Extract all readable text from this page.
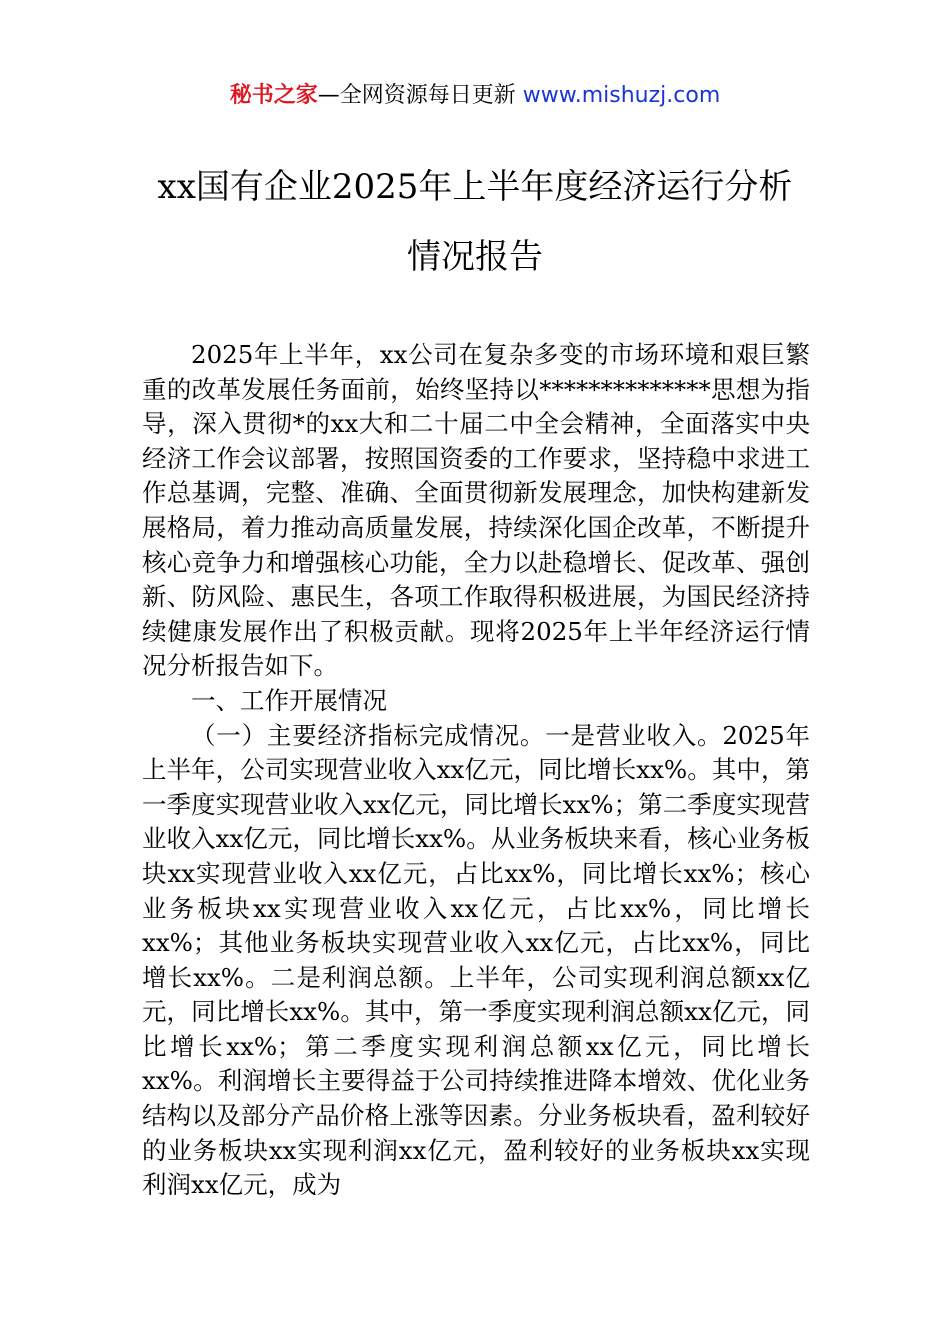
秘书之家—全网资源每日更新 www.mishuzj.com
xx国有企业2025年上半年度经济运行分析
情况报告

2025年上半年，xx公司在复杂多变的市场环境和艰巨繁重的改革发展任务面前，始终坚持以**************思想为指导，深入贯彻*的xx大和二十届二中全会精神，全面落实中央经济工作会议部署，按照国资委的工作要求，坚持稳中求进工作总基调，完整、准确、全面贯彻新发展理念，加快构建新发展格局，着力推动高质量发展，持续深化国企改革，不断提升核心竞争力和增强核心功能，全力以赴稳增长、促改革、强创新、防风险、惠民生，各项工作取得积极进展，为国民经济持续健康发展作出了积极贡献。现将2025年上半年经济运行情况分析报告如下。

一、工作开展情况

（一）主要经济指标完成情况。一是营业收入。2025年上半年，公司实现营业收入xx亿元，同比增长xx%。其中，第一季度实现营业收入xx亿元，同比增长xx%；第二季度实现营业收入xx亿元，同比增长xx%。从业务板块来看，核心业务板块xx实现营业收入xx亿元，占比xx%，同比增长xx%；核心业务板块xx实现营业收入xx亿元，占比xx%，同比增长xx%；其他业务板块实现营业收入xx亿元，占比xx%，同比增长xx%。二是利润总额。上半年，公司实现利润总额xx亿元，同比增长xx%。其中，第一季度实现利润总额xx亿元，同比增长xx%；第二季度实现利润总额xx亿元，同比增长xx%。利润增长主要得益于公司持续推进降本增效、优化业务结构以及部分产品价格上涨等因素。分业务板块看，盈利较好的业务板块xx实现利润xx亿元，盈利较好的业务板块xx实现利润xx亿元，成为
